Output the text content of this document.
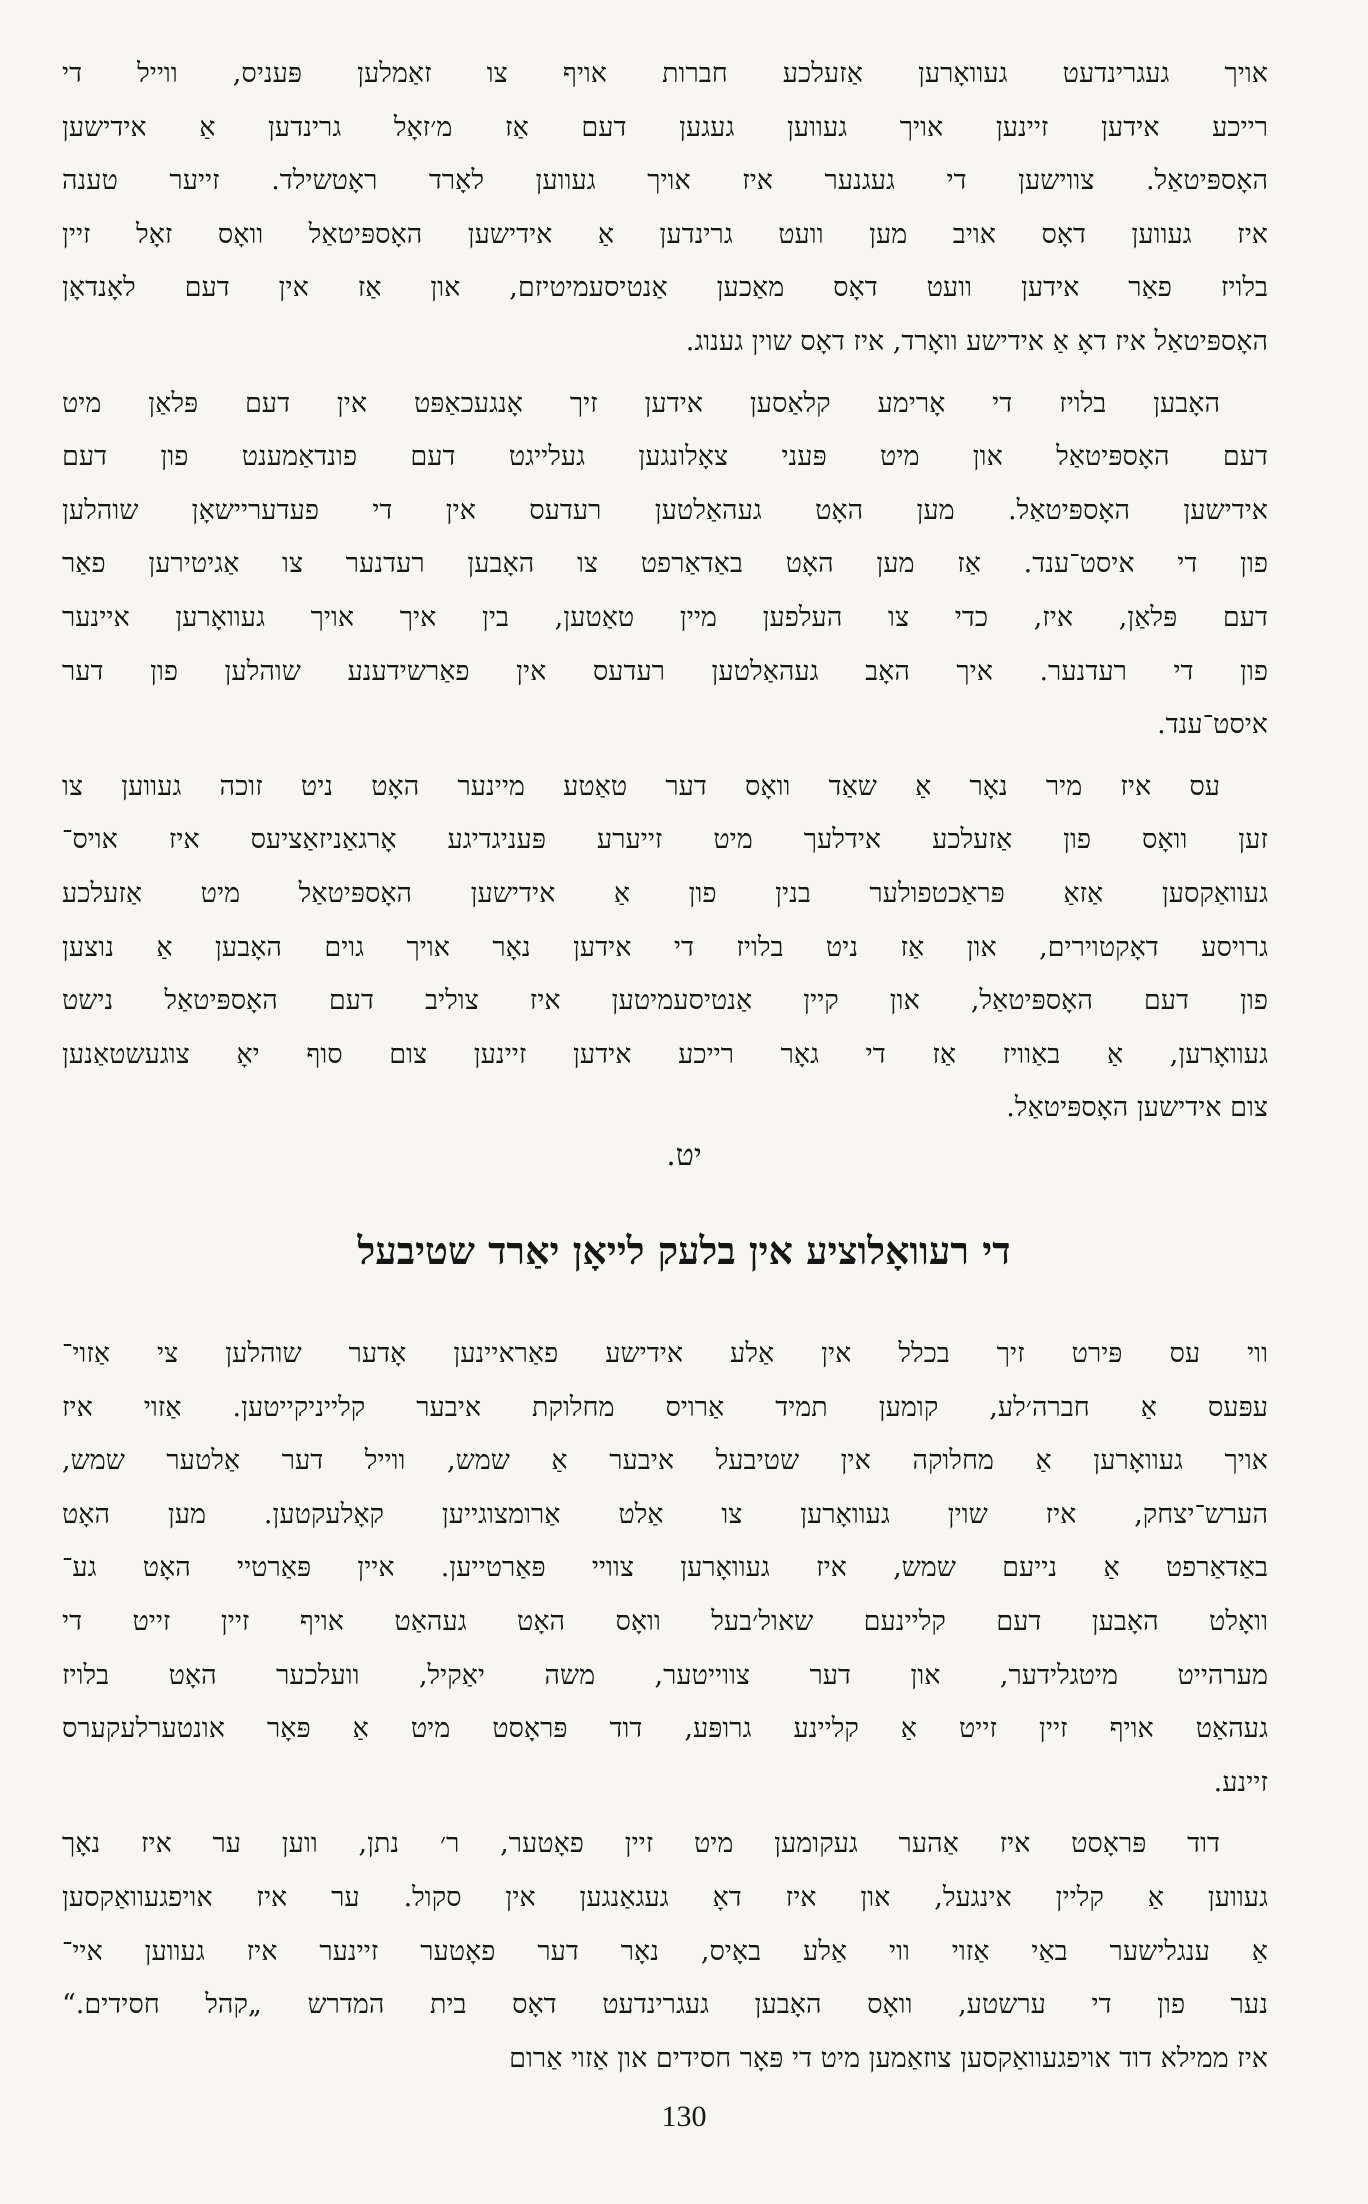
אויך געגרינדעט געוואָרען אַזעלכע חברות אויף צו זאַמלען פּעניס, ווייל די
רייכע אידען זיינען אויך געווען געגען דעם אַז מ׳זאָל גרינדען אַ אידישען
האָספּיטאַל. צווישען די געגנער איז אויך געווען לאָרד ראָטשילד. זייער טענה
איז געווען דאָס אויב מען וועט גרינדען אַ אידישען האָספּיטאַל וואָס זאָל זיין
בלויז פאַר אידען וועט דאָס מאַכען אַנטיסעמיטיזם, און אַז אין דעם לאָנדאָן
האָספּיטאַל איז דאָ אַ אידישע וואָרד, איז דאָס שוין גענוג.
האָבען בלויז די אָרימע קלאַסען אידען זיך אָנגעכאַפּט אין דעם פּלאַן מיט
דעם האָספּיטאַל און מיט פּעני צאָלונגען געלייגט דעם פונדאַמענט פון דעם
אידישען האָספּיטאַל. מען האָט געהאַלטען רעדעס אין די פעדעריישאָן שוהלען
פון די איסט־ענד. אַז מען האָט באַדאַרפט צו האָבען רעדנער צו אַגיטירען פאַר
דעם פּלאַן, איז, כדי צו העלפען מיין טאַטען, בין איך אויך געוואָרען איינער
פון די רעדנער. איך האָב געהאַלטען רעדעס אין פאַרשידענע שוהלען פון דער
איסט־ענד.
עס איז מיר נאָר אַ שאַד וואָס דער טאַטע מיינער האָט ניט זוכה געווען צו
זען וואָס פון אַזעלכע אידלעך מיט זייערע פּעניגדיגע אָרגאַניזאַציעס איז אויס־
געוואַקסען אַזאַ פּראַכטפולער בנין פון אַ אידישען האָספּיטאַל מיט אַזעלכע
גרויסע דאָקטוירים, און אַז ניט בלויז די אידען נאָר אויך גוים האָבען אַ נוצען
פון דעם האָספּיטאַל, און קיין אַנטיסעמיטען איז צוליב דעם האָספּיטאַל נישט
געוואָרען, אַ באַוויז אַז די גאָר רייכע אידען זיינען צום סוף יאָ צוגעשטאַנען
צום אידישען האָספּיטאַל.
יט.
די רעוואָלוציע אין בלעק לייאָן יאַרד שטיבעל
ווי עס פּירט זיך בכלל אין אַלע אידישע פאַראיינען אָדער שוהלען צי אַזוי־
עפּעס אַ חברה׳לע, קומען תמיד אַרויס מחלוקת איבער קלייניקייטען. אַזוי איז
אויך געוואָרען אַ מחלוקה אין שטיבעל איבער אַ שמש, ווייל דער אַלטער שמש,
הערש־יצחק, איז שוין געוואָרען צו אַלט אַרומצוגייען קאָלעקטען. מען האָט
באַדאַרפט אַ נייעם שמש, איז געוואָרען צוויי פּאַרטייען. איין פּאַרטיי האָט גע־
וואָלט האָבען דעם קליינעם שאול׳בעל וואָס האָט געהאַט אויף זיין זייט די
מערהייט מיטגלידער, און דער צווייטער, משה יאַקיל, וועלכער האָט בלויז
געהאַט אויף זיין זייט אַ קליינע גרופּע, דוד פּראָסט מיט אַ פּאָר אונטערלעקערס
זיינע.
דוד פּראָסט איז אַהער געקומען מיט זיין פאָטער, ר׳ נתן, ווען ער איז נאָך
געווען אַ קליין אינגעל, און איז דאָ געגאַנגען אין סקול. ער איז אויפגעוואַקסען
אַ ענגלישער באַי אַזוי ווי אַלע באָיס, נאָר דער פאָטער זיינער איז געווען איי־
נער פון די ערשטע, וואָס האָבען געגרינדעט דאָס בית המדרש „קהל חסידים.“
איז ממילא דוד אויפגעוואַקסען צוזאַמען מיט די פּאָר חסידים און אַזוי אַרום
130
